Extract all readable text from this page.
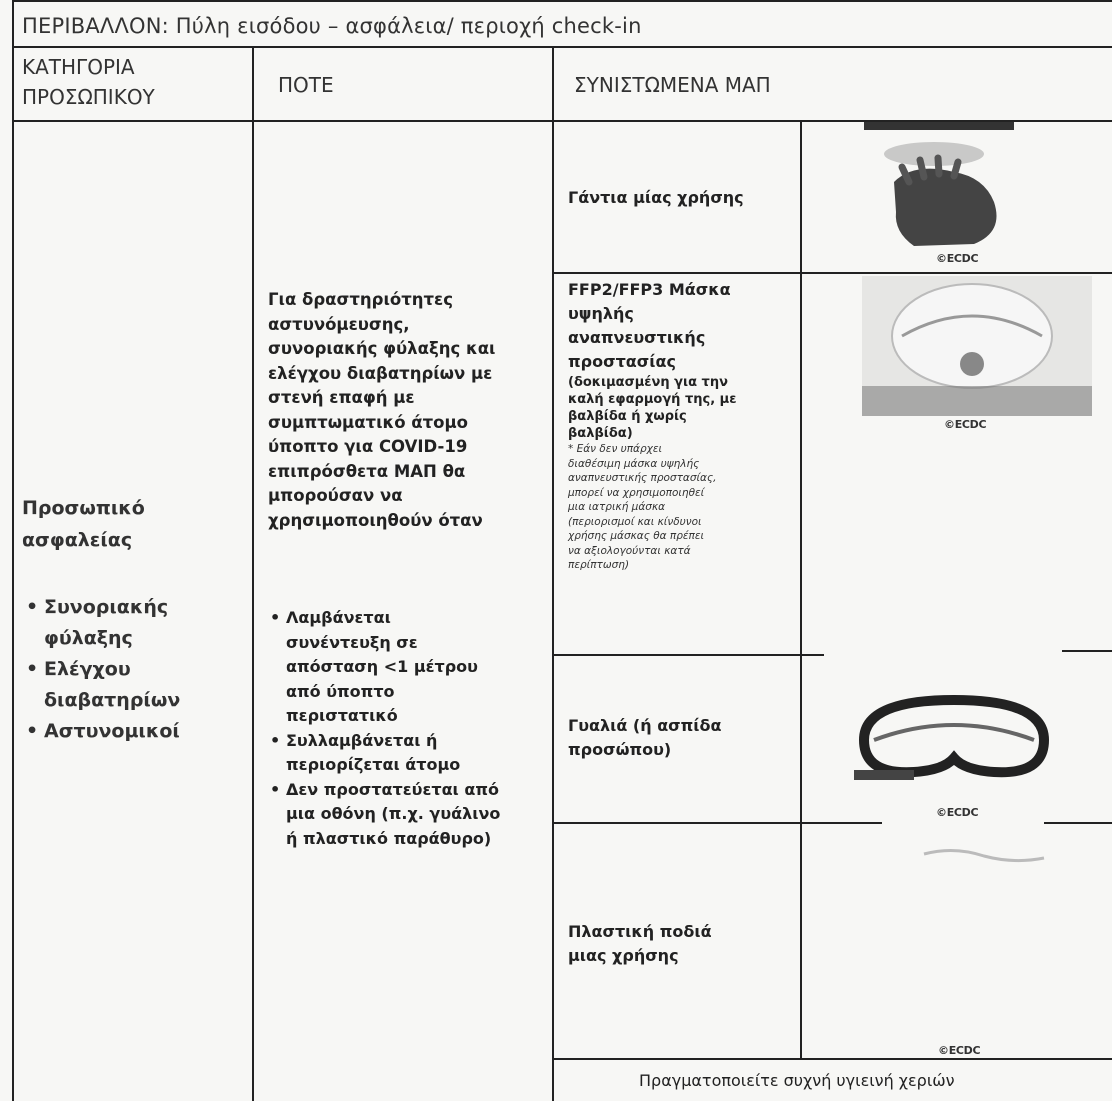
ΠΕΡΙΒΑΛΛΟΝ: Πύλη εισόδου – ασφάλεια/ περιοχή check-in
ΚΑΤΗΓΟΡΙΑ
ΠΡΟΣΩΠΙΚΟΥ	ΠΟΤΕ	ΣΥΝΙΣΤΩΜΕΝΑ ΜΑΠ
Προσωπικό
ασφαλείας
• Συνοριακής
φύλαξης
• Ελέγχου
διαβατηρίων
• Αστυνομικοί
Για δραστηριότητες
αστυνόμευσης,
συνοριακής φύλαξης και
ελέγχου διαβατηρίων με
στενή επαφή με
συμπτωματικό άτομο
ύποπτο για COVID-19
επιπρόσθετα ΜΑΠ θα
μπορούσαν να
χρησιμοποιηθούν όταν
• Λαμβάνεται
συνέντευξη σε
απόσταση <1 μέτρου
από ύποπτο
περιστατικό
• Συλλαμβάνεται ή
περιορίζεται άτομο
• Δεν προστατεύεται από
μια οθόνη (π.χ. γυάλινο
ή πλαστικό παράθυρο)
Γάντια μίας χρήσης
FFP2/FFP3 Μάσκα
υψηλής
αναπνευστικής
προστασίας
(δοκιμασμένη για την
καλή εφαρμογή της, με
βαλβίδα ή χωρίς
βαλβίδα)
* Εάν δεν υπάρχει
διαθέσιμη μάσκα υψηλής
αναπνευστικής προστασίας,
μπορεί να χρησιμοποιηθεί
μια ιατρική μάσκα
(περιορισμοί και κίνδυνοι
χρήσης μάσκας θα πρέπει
να αξιολογούνται κατά
περίπτωση)
Γυαλιά (ή ασπίδα
προσώπου)
Πλαστική ποδιά
μιας χρήσης
©ECDC
©ECDC
©ECDC
©ECDC
Πραγματοποιείτε συχνή υγιεινή χεριών
